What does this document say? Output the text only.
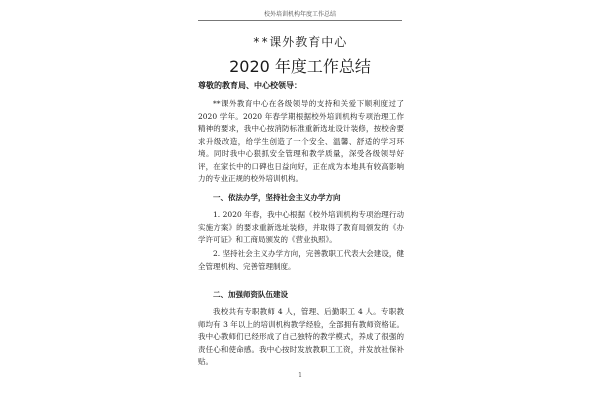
校外培训机构年度工作总结
**课外教育中心
2020 年度工作总结
尊敬的教育局、中心校领导：

**课外教育中心在各级领导的支持和关爱下顺利度过了 2020 学年。2020 年春学期根据校外培训机构专项治理工作精神的要求，我中心按消防标准重新选址设计装修，按校舍要求升级改造，给学生创造了一个安全、温馨、舒适的学习环境。同时我中心狠抓安全管理和教学质量，深受各级领导好评，在家长中的口碑也日益向好，正在成为本地具有较高影响力的专业正规的校外培训机构。

一、依法办学，坚持社会主义办学方向

1. 2020 年春，我中心根据《校外培训机构专项治理行动实施方案》的要求重新选址装修，并取得了教育局颁发的《办学许可证》和工商局颁发的《营业执照》。

2. 坚持社会主义办学方向，完善教职工代表大会建设，健全管理机构、完善管理制度。

二、加强师资队伍建设

我校共有专职教师 4 人，管理、后勤职工 4 人。专职教师均有 3 年以上的培训机构教学经验，全部拥有教师资格证。我中心教师们已经形成了自己独特的教学模式，养成了很强的责任心和使命感。我中心按时发放教职工工资，并发放社保补贴。

1
